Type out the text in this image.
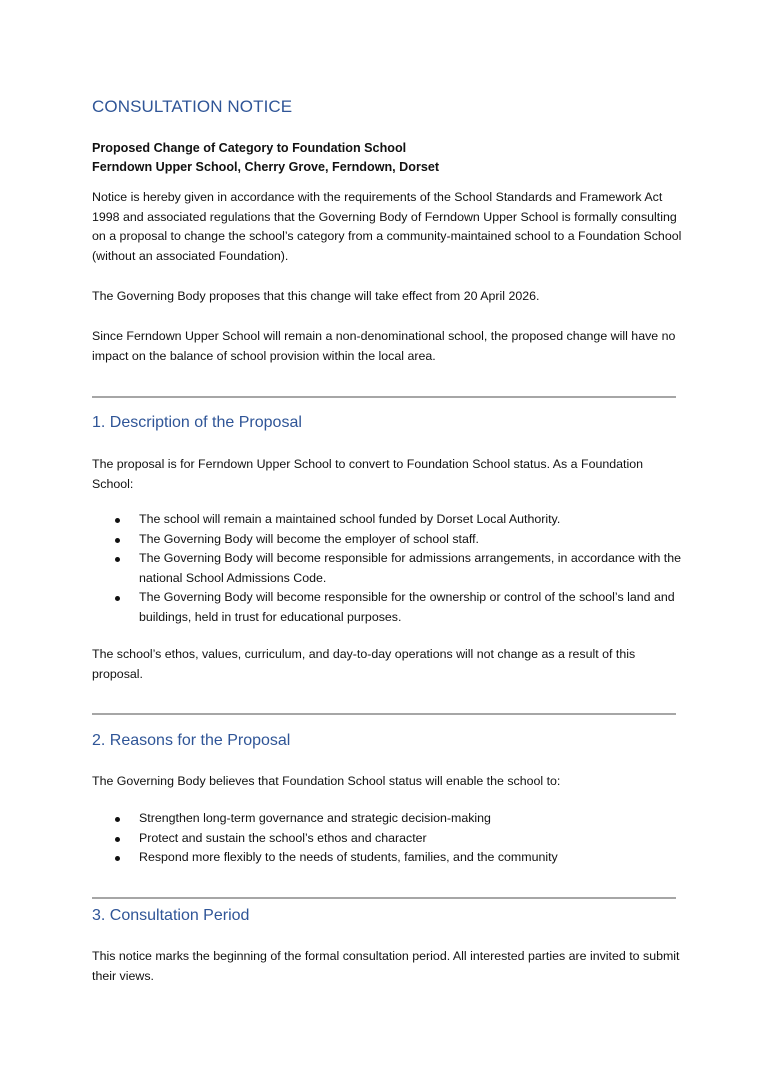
CONSULTATION NOTICE
Proposed Change of Category to Foundation School
Ferndown Upper School, Cherry Grove, Ferndown, Dorset

Notice is hereby given in accordance with the requirements of the School Standards and Framework Act 1998 and associated regulations that the Governing Body of Ferndown Upper School is formally consulting on a proposal to change the school’s category from a community-maintained school to a Foundation School (without an associated Foundation).

The Governing Body proposes that this change will take effect from 20 April 2026.

Since Ferndown Upper School will remain a non-denominational school, the proposed change will have no impact on the balance of school provision within the local area.

1. Description of the Proposal

The proposal is for Ferndown Upper School to convert to Foundation School status. As a Foundation School:

The school will remain a maintained school funded by Dorset Local Authority.
The Governing Body will become the employer of school staff.
The Governing Body will become responsible for admissions arrangements, in accordance with the national School Admissions Code.
The Governing Body will become responsible for the ownership or control of the school’s land and buildings, held in trust for educational purposes.

The school’s ethos, values, curriculum, and day-to-day operations will not change as a result of this proposal.

2. Reasons for the Proposal

The Governing Body believes that Foundation School status will enable the school to:

Strengthen long-term governance and strategic decision-making
Protect and sustain the school’s ethos and character
Respond more flexibly to the needs of students, families, and the community
3. Consultation Period

This notice marks the beginning of the formal consultation period. All interested parties are invited to submit their views.
